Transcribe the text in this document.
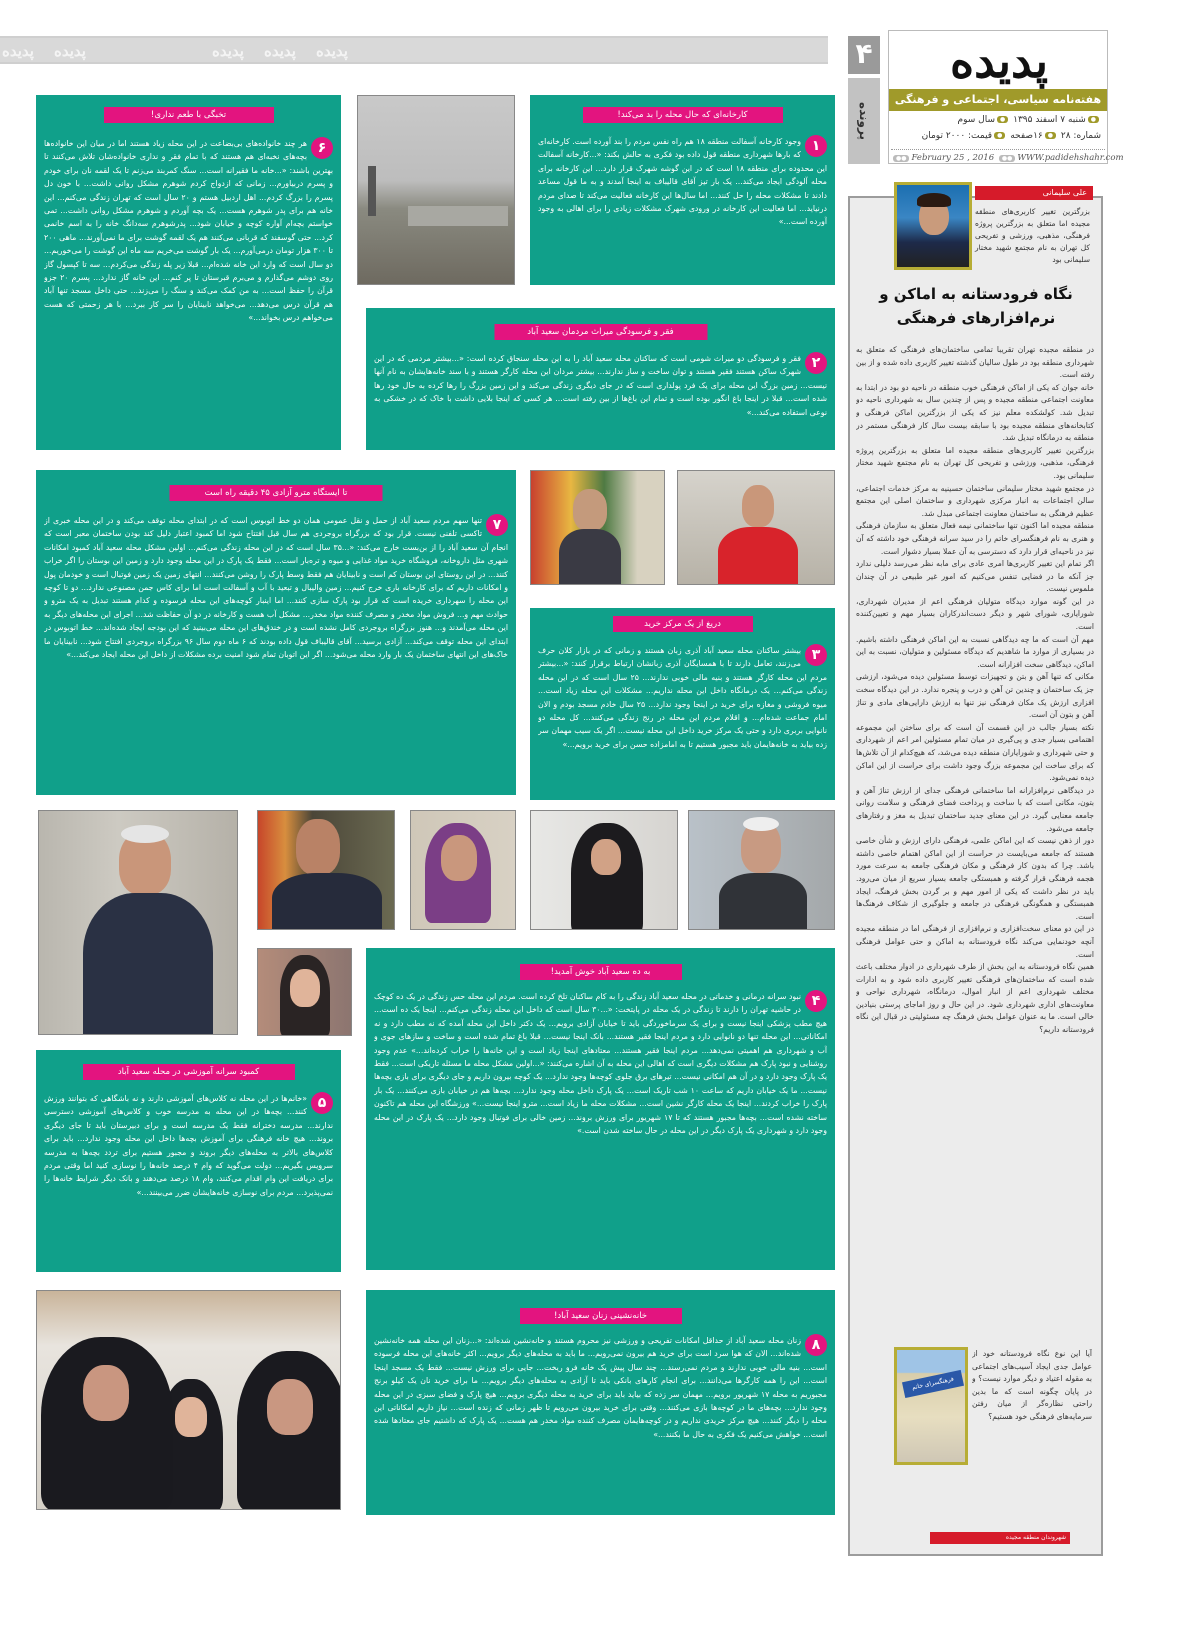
پدیده پدیده	پدیده پدیده پدیده	۴
پرونده
پدیده
هفته‌نامه سیاسی، اجتماعی و فرهنگی
●شنبه ۷ اسفند ۱۳۹۵ ●سال سوم
شماره: ۲۸ ●۱۶صفحه ●قیمت: ۲۰۰۰ تومان
●● February 25 , 2016 ●● WWW.padidehshahr.com
علی سلیمانی
بزرگترین تغییر کاربری‌های منطقه مجیده اما متعلق به بزرگترین پروژه فرهنگی، مذهبی، ورزشی و تفریحی کل تهران به نام مجتمع شهید مختار سلیمانی بود
نگاه فرودستانه به اماکن و نرم‌افزارهای فرهنگی

در منطقه مجیده تهران تقریبا تمامی ساختمان‌های فرهنگی که متعلق به شهرداری منطقه بود در طول سالیان گذشته تغییر کاربری داده شده و از بین رفته است.

خانه جوان که یکی از اماکن فرهنگی خوب منطقه در ناحیه دو بود در ابتدا به معاونت اجتماعی منطقه مجیده و پس از چندین سال به شهرداری ناحیه دو تبدیل شد. کولشکده معلم نیز که یکی از بزرگترین اماکن فرهنگی و کتابخانه‌های منطقه مجیده بود با سابقه بیست سال کار فرهنگی مستمر در منطقه به درمانگاه تبدیل شد.

بزرگترین تغییر کاربری‌های منطقه مجیده اما متعلق به بزرگترین پروژه فرهنگی، مذهبی، ورزشی و تفریحی کل تهران به نام مجتمع شهید مختار سلیمانی بود.

در مجتمع شهید مختار سلیمانی ساختمان حسینیه به مرکز خدمات اجتماعی، سالن اجتماعات به انبار مرکزی شهرداری و ساختمان اصلی این مجتمع عظیم فرهنگی به ساختمان معاونت اجتماعی مبدل شد.

منطقه مجیده اما اکنون تنها ساختمانی نیمه فعال متعلق به سازمان فرهنگی و هنری به نام فرهنگسرای خاتم را در سید سرانه فرهنگی خود داشته که آن نیز در ناحیه‌ای قرار دارد که دسترسی به آن عملا بسیار دشوار است.

اگر تمام این تغییر کاربری‌ها امری عادی برای مابه نظر می‌رسد دلیلی ندارد جز آنکه ما در فضایی تنفس می‌کنیم که امور غیر طبیعی در آن چندان ملموس نیست.

در این گونه موارد دیدگاه متولیان فرهنگی اعم از مدیران شهرداری، شورایاری، شورای شهر و دیگر دست‌اندرکاران بسیار مهم و تعیین‌کننده است.

مهم آن است که ما چه دیدگاهی نسبت به این اماکن فرهنگی داشته باشیم. در بسیاری از موارد ما شاهدیم که دیدگاه مسئولین و متولیان، نسبت به این اماکن، دیدگاهی سخت افزارانه است.

مکانی که تنها آهن و بتن و تجهیزات توسط مسئولین دیده می‌شود، ارزشی جز یک ساختمان و چندین تن آهن و درب و پنجره ندارد. در این دیدگاه سخت افزاری ارزش یک مکان فرهنگی نیز تنها به ارزش دارایی‌های مادی و تناژ آهن و بتون آن است.

نکته بسیار جالب در این قسمت آن است که برای ساختن این مجموعه اهتمامی بسیار جدی و پی‌گیری در میان تمام مسئولین امر اعم از شهرداری و حتی شهرداری و شورایاران منطقه دیده می‌شد، که هیچ‌کدام از آن تلاش‌ها که برای ساخت این مجموعه بزرگ وجود داشت برای حراست از این اماکن دیده نمی‌شود.

در دیدگاهی نرم‌افزارانه اما ساختمانی فرهنگی جدای از ارزش تناژ آهن و بتون، مکانی است که با ساخت و پرداخت فضای فرهنگی و سلامت روانی جامعه معنایی گیرد. در این معنای جدید ساختمان تبدیل به مغز و رفتارهای جامعه می‌شود.

دور از ذهن نیست که این اماکن علمی، فرهنگی دارای ارزش و شأن خاصی هستند که جامعه می‌بایست در حراست از این اماکن اهتمام خاصی داشته باشد. چرا که بدون کار فرهنگی و مکان فرهنگی جامعه به سرعت مورد هجمه فرهنگی قرار گرفته و همبستگی جامعه بسیار سریع از میان می‌رود. باید در نظر داشت که یکی از امور مهم و بر گردن بخش فرهنگ، ایجاد همبستگی و همگونگی فرهنگی در جامعه و جلوگیری از شکاف فرهنگ‌ها است.

در این دو معنای سخت‌افزاری و نرم‌افزاری از فرهنگی اما در منطقه مجیده آنچه خودنمایی می‌کند نگاه فرودستانه به اماکن و حتی عوامل فرهنگی است.

همین نگاه فرودستانه به این بخش از طرف شهرداری در ادوار مختلف باعث شده است که ساختمان‌های فرهنگی تغییر کاربری داده شود و به ادارات مختلف شهرداری اعم از انبار اموال، درمانگاه، شهرداری نواحی و معاونت‌های اداری شهرداری شود. در این حال و روز اماجای پرستی بنیادین خالی است. ما به عنوان عوامل بخش فرهنگ چه مسئولیتی در قبال این نگاه فرودستانه داریم؟

آیا این نوع نگاه فرودستانه خود از عوامل جدی ایجاد آسیب‌های اجتماعی به مقوله اعتیاد و دیگر موارد نیست؟ و در پایان چگونه است که ما بدین راحتی نظاره‌گر از میان رفتن سرمایه‌های فرهنگی خود هستیم؟
فرهنگسرای خاتم
شهروندان منطقه مجیده
کارخانه‌ای که حال محله را بد می‌کند!
۱
وجود کارخانه آسفالت منطقه ۱۸ هم راه نفس مردم را بند آورده است. کارخانه‌ای که بارها شهرداری منطقه قول داده بود فکری به حالش بکند: «...کارخانه آسفالت این محدوده برای منطقه ۱۸ است که در این گوشه شهرک قرار دارد... این کارخانه برای محله آلودگی ایجاد می‌کند... یک بار تیز آقای قالیباف به اینجا آمدند و به ما قول مساعد دادند تا مشکلات محله را حل کنند... اما سال‌ها این کارخانه فعالیت می‌کند تا صدای مردم درنیاید... اما فعالیت این کارخانه در ورودی شهرک مشکلات زیادی را برای اهالی به وجود آورده است...»
تخبگی با طعم نداری!
۶
هر چند خانواده‌های بی‌بضاعت در این محله زیاد هستند اما در میان این خانواده‌ها بچه‌های نخبه‌ای هم هستند که با تمام فقر و نداری خانواده‌شان تلاش می‌کنند تا بهترین باشند: «...خانه ما فقیرانه است... سنگ کمربند می‌زنم تا یک لقمه نان برای خودم و پسرم دربیاورم... زمانی که ازدواج کردم شوهرم مشکل روانی داشت... با خون دل پسرم را بزرگ کردم... اهل اردبیل هستم و ۲۰ سال است که تهران زندگی می‌کنم... این خانه هم برای پدر شوهرم هست... یک بچه آوردم و شوهرم مشکل روانی داشت... تمی خواستم بچه‌ام آواره کوچه و خیابان شود... پدرشوهرم سه‌دانگ خانه را به اسم خانمی کرد... حتی گوسفند که قربانی می‌کنند هم یک لقمه گوشت برای ما نمی‌آورند... ماهی ۲۰۰ تا ۳۰۰ هزار تومان درمی‌آورم... یک بار گوشت می‌خریم سه ماه این گوشت را می‌خوریم... دو سال است که وارد این خانه شده‌ام... قبلا زیر پله زندگی می‌کردم... سه تا کپسول گاز روی دوشم می‌گذارم و می‌برم قبرستان تا پر کنم... این خانه گاز ندارد... پسرم ۲۰ جزو قرآن را حفظ است... به من کمک می‌کند و سنگ را می‌زند... حتی داخل مسجد تنها آباد هم قرآن درس می‌دهد... می‌خواهد نابینایان را سر کار ببرد... با هر زحمتی که هست می‌خواهم درس بخواند...»
فقر و فرسودگی میراث مردمان سعید آباد
۲
فقر و فرسودگی دو میراث شومی است که ساکنان محله سعید آباد را به این محله سنجاق کرده است: «...بیشتر مردمی که در این شهرک ساکن هستند فقیر هستند و توان ساخت و ساز ندارند... بیشتر مردان این محله کارگر هستند و با سند خانه‌هایشان به نام آنها نیست... زمین بزرگ این محله برای یک فرد پولداری است که در جای دیگری زندگی می‌کند و این زمین بزرگ را رها کرده به حال خود رها شده است... قبلا در اینجا باغ انگور بوده است و تمام این باغ‌ها از بین رفته است... هر کسی که اینجا بلایی داشت با خاک که در خشکی به نوعی استفاده می‌کند...»
تا ایستگاه مترو آزادی ۴۵ دقیقه راه است
۷
تنها سهم مردم سعید آباد از حمل و نقل عمومی همان دو خط اتوبوس است که در ابتدای محله توقف می‌کند و در این محله خبری از تاکسی تلفنی نیست. قرار بود که بزرگراه بروجردی هم سال قبل افتتاح شود اما کمبود اعتبار دلیل کند بودن ساختمان معبر است که انجام آن سعید آباد را از بن‌بست خارج می‌کند: «...۳۵ سال است که در این محله زندگی می‌کنم... اولین مشکل محله سعید آباد کمبود امکانات شهری مثل داروخانه، فروشگاه خرید مواد غذایی و میوه و تره‌بار است... فقط یک پارک در این محله وجود دارد و زمین این بوستان را اگر خراب کنند... در این روستای این بوستان کم است و نابینایان هم فقط وسط پارک را روشن می‌کنند... انتهای زمین یک زمین فوتبال است و خودمان پول و امکانات داریم که برای کارخانه باری خرج کنیم... زمین والیبال و تبعید با آب و آسفالت است اما برای کاس جمن مصنوعی ندارد... دو تا کوچه این محله را سهرداری خریده است که قرار بود پارک سازی کنند... اما اینبار کوچه‌های این محله فرسوده و کدام هستند تبدیل به یک مترو و حوادث مهم و... فروش مواد مخدر و مصرف کننده مواد مخدر... مشکل آب هست و کارخانه در دو آن حفاظت شد... اجرای این محله‌های دیگر به این محله می‌آمدند و... هنوز بزرگراه بروجردی کامل نشده است و در خندق‌های این محله می‌بینید که این بودجه ایجاد شده‌اند... خط اتوبوس در ابتدای این محله توقف می‌کند... آزادی برسید... آقای قالیباف قول داده بودند که ۶ ماه دوم سال ۹۶ بزرگراه بروجردی افتتاح شود... نابینایان ما خاک‌های این انتهای ساختمان یک بار وارد محله می‌شود... اگر این اتوبان تمام شود امنیت برده مشکلات از داخل این محله ایجاد می‌کند...»
دریغ از یک مرکز خرید
۳
بیشتر ساکنان محله سعید آباد آذری زبان هستند و زمانی که در بازار کلان حرف می‌زنند، تعامل دارند تا با همسایگان آذری زبانشان ارتباط برقرار کنند: «...بیشتر مردم این محله کارگر هستند و بنیه مالی خوبی ندارند... ۲۵ سال است که در این محله زندگی می‌کنم... یک درمانگاه داخل این محله نداریم... مشکلات این محله زیاد است... میوه فروشی و مغازه برای خرید در اینجا وجود ندارد... ۲۵ سال خادم مسجد بودم و الان امام جماعت شده‌ام... و اقلام مردم این محله در رنج زندگی می‌کنند... کل محله دو نانوایی بربری دارد و حتی یک مرکز خرید داخل این محله نیست... اگر یک سیب مهمان سر زده بیاید به خانه‌هایمان باید مجبور هستیم تا به امامزاده حسن برای خرید برویم...»
به ده سعید آباد خوش آمدید!
۴
نبود سرانه درمانی و خدماتی در محله سعید آباد زندگی را به کام ساکنان تلخ کرده است. مردم این محله حس زندگی در یک ده کوچک در حاشیه تهران را دارند تا زندگی در یک محله در پایتخت: «...۳۰ سال است که داخل این محله زندگی می‌کنم... اینجا یک ده است... هیچ مطب پزشکی اینجا نیست و برای یک سرماخوردگی باید تا خیابان آزادی برویم... یک دکتر داخل این محله آمده که نه مطب دارد و نه امکاناتی... این محله تنها دو نانوایی دارد و مردم اینجا فقیر هستند... بانک اینجا نیست... قبلا باغ تمام شده است و ساخت و سازهای جوی و آب و شهرداری هم اهمیتی نمی‌دهد... مردم اینجا فقیر هستند... معتادهای اینجا زیاد است و این خانه‌ها را خراب کرده‌اند...» عدم وجود روشنایی و نبود پارک هم مشکلات دیگری است که اهالی این محله به آن اشاره می‌کنند: «...اولین مشکل محله ما مسئله تاریکی است... فقط یک پارک وجود دارد و در آن هم امکانی نیست... تیرهای برق جلوی کوچه‌ها وجود ندارد... یک کوچه بیرون داریم و جای دیگری برای بازی بچه‌ها نیست... ما یک خیابان داریم که ساعت ۱۰ شب تاریک است... یک پارک داخل محله وجود ندارد... بچه‌ها هم در خیابان بازی می‌کنند... یک بار پارک را خراب کردند... اینجا یک محله کارگر نشین است... مشکلات محله ما زیاد است... مترو اینجا نیست...» ورزشگاه این محله هم تاکنون ساخته نشده است... بچه‌ها مجبور هستند که تا ۱۷ شهریور برای ورزش بروند... زمین خالی برای فوتبال وجود دارد... یک پارک در این محله وجود دارد و شهرداری یک پارک دیگر در این محله در حال ساخته شدن است.»
کمبود سرانه آموزشی در محله سعید آباد
۵
«خانم‌ها در این محله نه کلاس‌های آموزشی دارند و نه باشگاهی که بتوانند ورزش کنند... بچه‌ها در این محله به مدرسه خوب و کلاس‌های آموزشی دسترسی ندارند... مدرسه دخترانه فقط یک مدرسه است و برای دبیرستان باید تا جای دیگری بروند... هیچ خانه فرهنگی برای آموزش بچه‌ها داخل این محله وجود ندارد... باید برای کلاس‌های بالاتر به محله‌های دیگر بروند و مجبور هستیم برای تردد بچه‌ها به مدرسه سرویس بگیریم... دولت می‌گوید که وام ۴ درصد خانه‌ها را نوسازی کنید اما وقتی مردم برای دریافت این وام اقدام می‌کنند، وام ۱۸ درصد می‌دهند و بانک دیگر شرایط خانه‌ها را نمی‌پذیرد... مردم برای نوسازی خانه‌هایشان ضرر می‌بینند...»
خانه‌نشینی زنان سعید آباد!
۸
زنان محله سعید آباد از حداقل امکانات تفریحی و ورزشی نیز محروم هستند و خانه‌نشین شده‌اند: «...زنان این محله همه خانه‌نشین شده‌اند... الان که هوا سرد است برای خرید هم بیرون نمی‌رویم... ما باید به محله‌های دیگر برویم... اکثر خانه‌های این محله فرسوده است... بنیه مالی خوبی ندارند و مردم نمی‌رسند... چند سال پیش یک خانه فرو ریخت... جایی برای ورزش نیست... فقط یک مسجد اینجا است... این را همه کارگرها می‌دانند... برای انجام کارهای بانکی باید تا آزادی به محله‌های دیگر برویم... ما برای خرید نان یک کیلو برنج مجبوریم به محله ۱۷ شهریور برویم... مهمان سر زده که بیاید باید برای خرید به محله دیگری برویم... هیچ پارک و فضای سبزی در این محله وجود ندارد... بچه‌های ما در کوچه‌ها بازی می‌کنند... وقتی برای خرید بیرون می‌رویم تا ظهر زمانی که زنده است... نیاز داریم امکاناتی این محله را دیگر کنند... هیچ مرکز خریدی نداریم و در کوچه‌هایمان مصرف کننده مواد مخدر هم هست... یک پارک که داشتیم جای معتادها شده است... خواهش می‌کنیم یک فکری به حال ما بکنند...»
